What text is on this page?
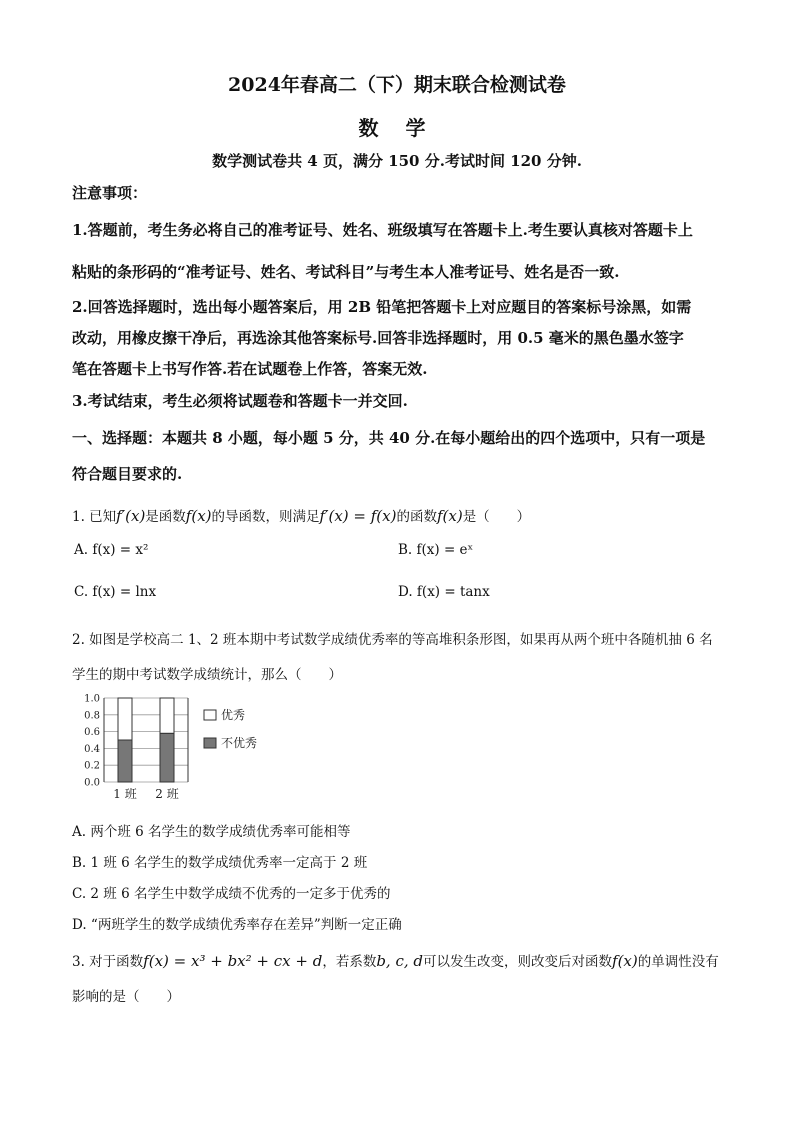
2024年春高二（下）期末联合检测试卷
数 学
数学测试卷共 4 页，满分 150 分.考试时间 120 分钟.
注意事项：
1.答题前，考生务必将自己的准考证号、姓名、班级填写在答题卡上.考生要认真核对答题卡上
粘贴的条形码的“准考证号、姓名、考试科目”与考生本人准考证号、姓名是否一致.
2.回答选择题时，选出每小题答案后，用 2B 铅笔把答题卡上对应题目的答案标号涂黑，如需
改动，用橡皮擦干净后，再选涂其他答案标号.回答非选择题时，用 0.5 毫米的黑色墨水签字
笔在答题卡上书写作答.若在试题卷上作答，答案无效.
3.考试结束，考生必须将试题卷和答题卡一并交回.
一、选择题：本题共 8 小题，每小题 5 分，共 40 分.在每小题给出的四个选项中，只有一项是
符合题目要求的.
1. 已知f′(x)是函数f(x)的导函数，则满足f′(x) = f(x)的函数f(x)是（　　）
A. f(x) = x²	B. f(x) = eˣ
C. f(x) = lnx	D. f(x) = tanx
2. 如图是学校高二 1、2 班本期中考试数学成绩优秀率的等高堆积条形图，如果再从两个班中各随机抽 6 名
学生的期中考试数学成绩统计，那么（　　）
0.0
0.2
0.4
0.6
0.8
1.0
1 班 2 班
优秀
不优秀
A. 两个班 6 名学生的数学成绩优秀率可能相等
B. 1 班 6 名学生的数学成绩优秀率一定高于 2 班
C. 2 班 6 名学生中数学成绩不优秀的一定多于优秀的
D. “两班学生的数学成绩优秀率存在差异”判断一定正确
3. 对于函数f(x) = x³ + bx² + cx + d，若系数b, c, d可以发生改变，则改变后对函数f(x)的单调性没有
影响的是（　　）
